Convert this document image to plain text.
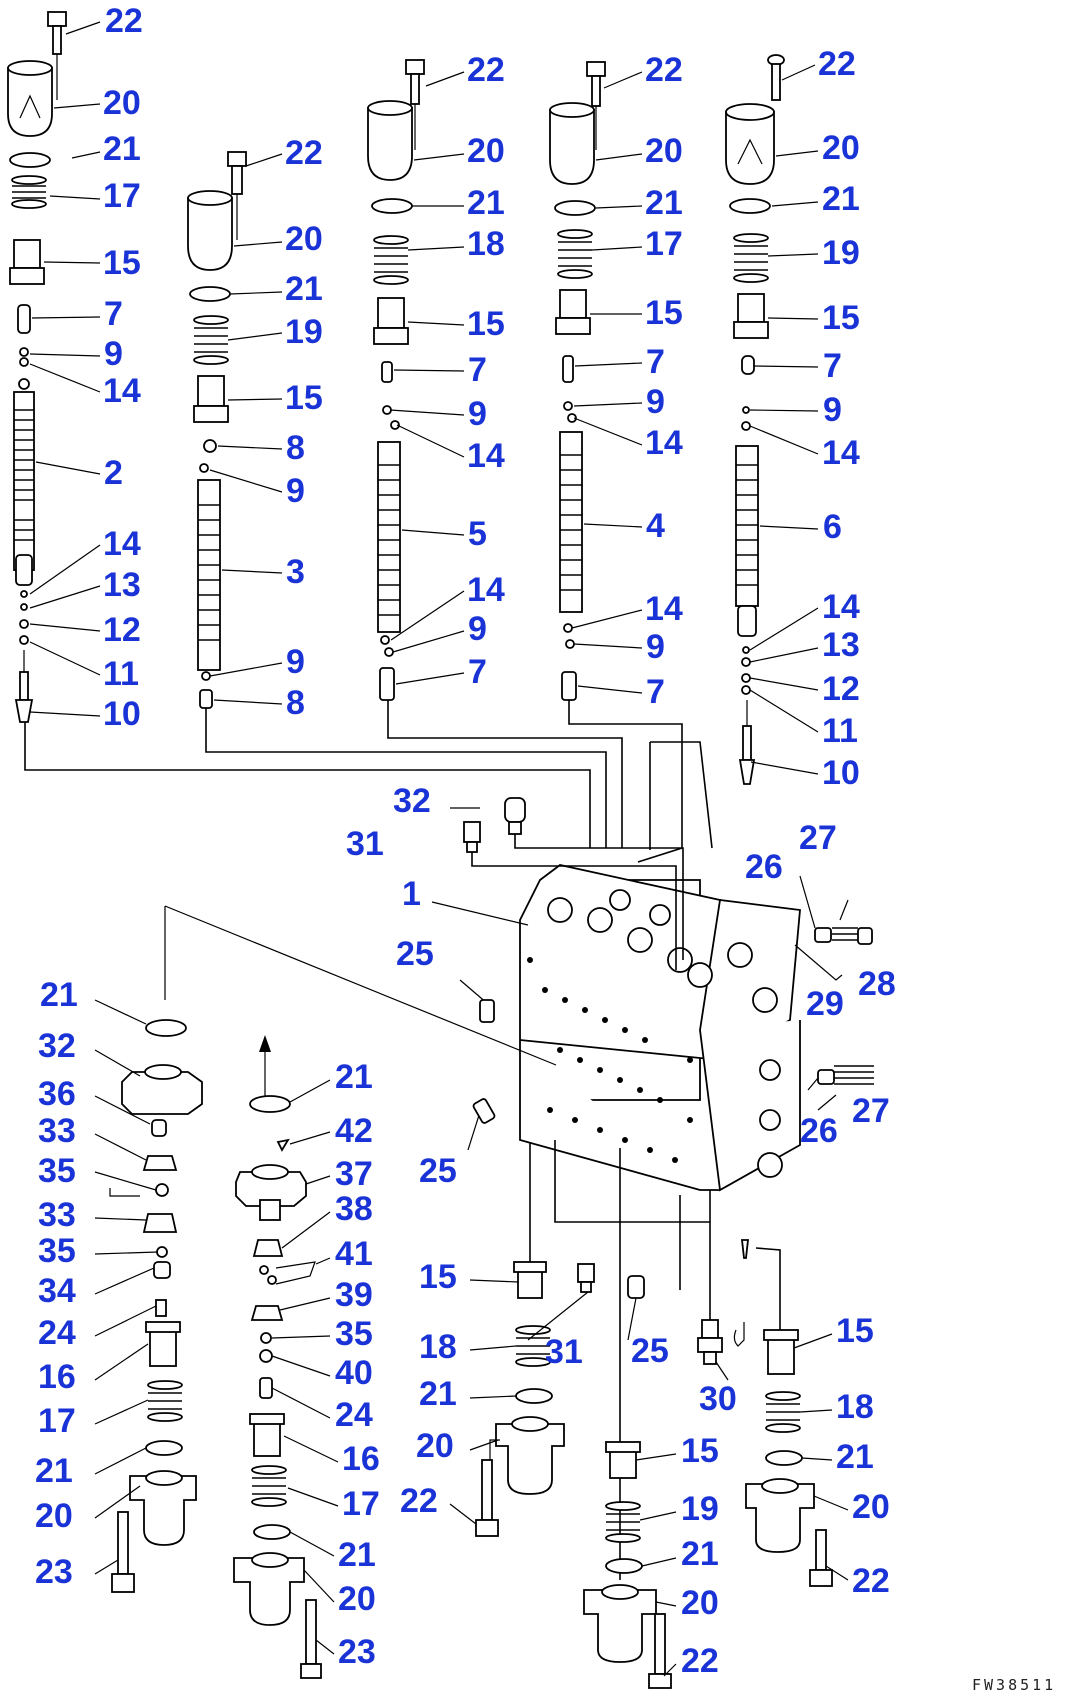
22
20
21
17
15
7
9
14
2
14
13
12
11
10
22
20
21
19
15
8
9
3
9
8
22
20
21
18
15
7
9
14
5
14
9
7
22
20
21
17
15
7
9
14
4
14
9
7
22
20
21
19
15
7
9
14
6
14
13
12
11
10
32
31
1
25
27
26
28
29
27
26
25
21
32
36
33
35
33
35
34
24
16
17
21
20
23
21
42
37
38
41
39
35
40
24
16
17
21
20
23
15
18	31
21
20
22
25
15
19
21
20
22
30
15
18
21
20
22
FW38511
